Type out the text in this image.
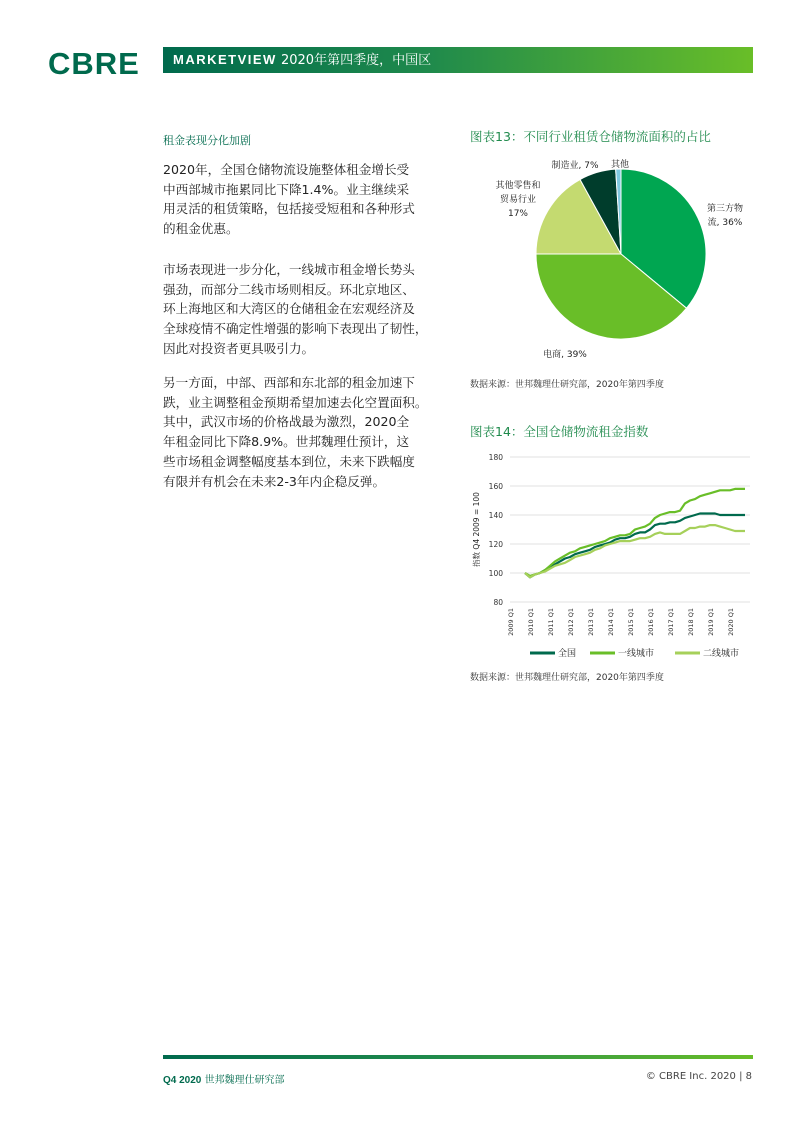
CBRE	MARKETVIEW 2020年第四季度，中国区
租金表现分化加剧

2020年，全国仓储物流设施整体租金增长受
中西部城市拖累同比下降1.4%。业主继续采
用灵活的租赁策略，包括接受短租和各种形式
的租金优惠。

市场表现进一步分化，一线城市租金增长势头
强劲，而部分二线市场则相反。环北京地区、
环上海地区和大湾区的仓储租金在宏观经济及
全球疫情不确定性增强的影响下表现出了韧性，
因此对投资者更具吸引力。

另一方面，中部、西部和东北部的租金加速下
跌，业主调整租金预期希望加速去化空置面积。
其中，武汉市场的价格战最为激烈，2020全
年租金同比下降8.9%。世邦魏理仕预计，这
些市场租金调整幅度基本到位，未来下跌幅度
有限并有机会在未来2-3年内企稳反弹。

图表13：不同行业租赁仓储物流面积的占比
第三方物
流, 36%
电商, 39%
其他零售和
贸易行业
17%
制造业, 7% 其他
数据来源：世邦魏理仕研究部，2020年第四季度
图表14：全国仓储物流租金指数
80
100
120
140
160
180
指数 Q4 2009 = 100
2009 Q1 2010 Q1 2011 Q1 2012 Q1 2013 Q1 2014 Q1 2015 Q1 2016 Q1 2017 Q1 2018 Q1 2019 Q1 2020 Q1
全国	一线城市	二线城市
数据来源：世邦魏理仕研究部，2020年第四季度
Q4 2020 世邦魏理仕研究部	© CBRE Inc. 2020 | 8
